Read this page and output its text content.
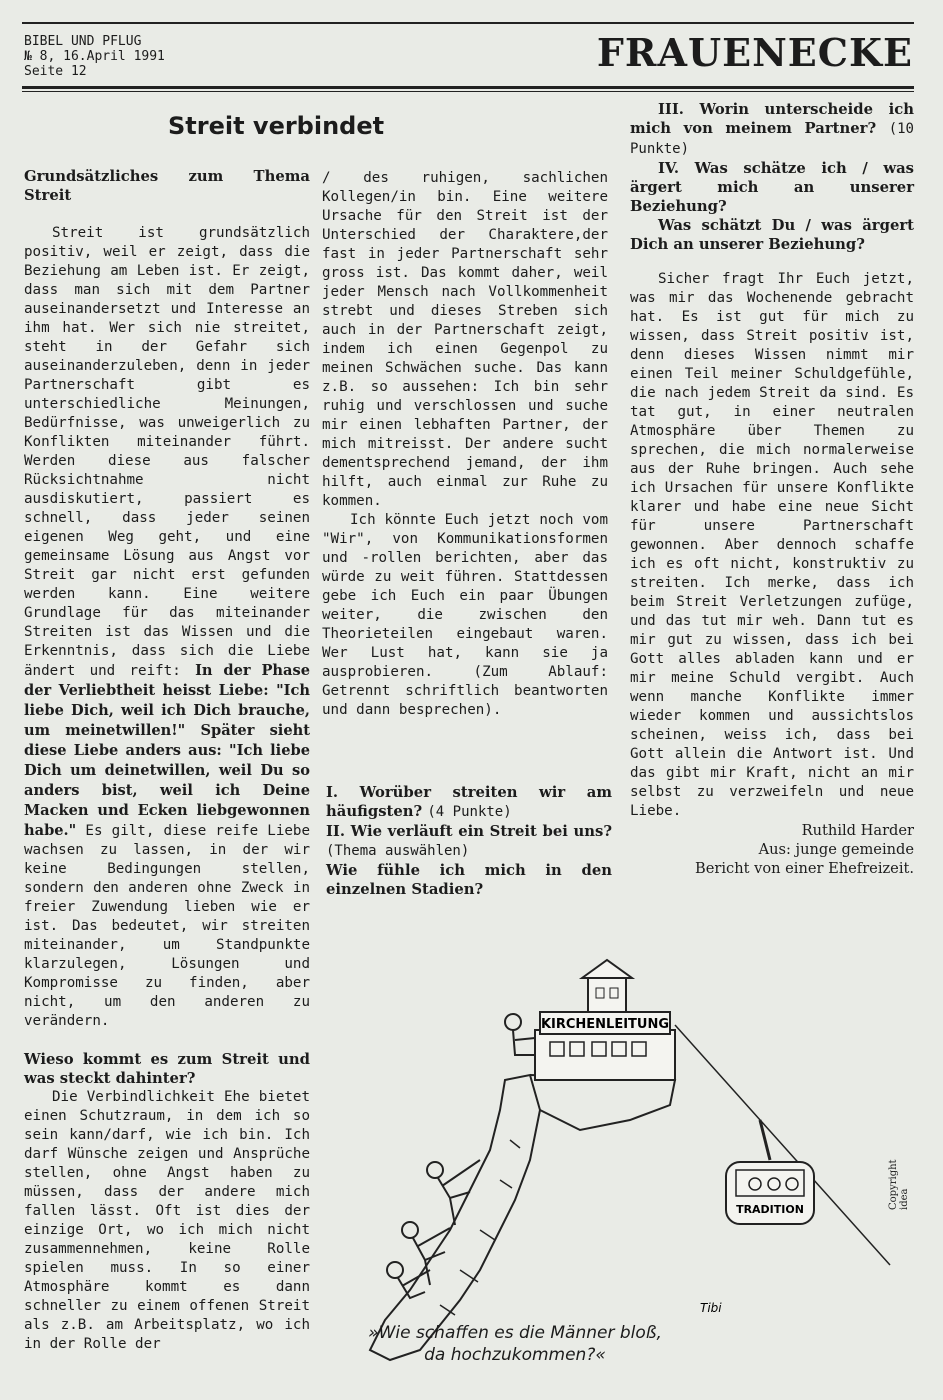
BIBEL UND PFLUG
№ 8, 16.April 1991
Seite 12	FRAUENECKE
Streit verbindet

Grundsätzliches zum Thema Streit

Streit ist grundsätzlich positiv, weil er zeigt, dass die Beziehung am Leben ist. Er zeigt, dass man sich mit dem Partner auseinandersetzt und Interesse an ihm hat. Wer sich nie streitet, steht in der Gefahr sich auseinanderzuleben, denn in jeder Partnerschaft gibt es unterschiedliche Meinungen, Bedürfnisse, was unweigerlich zu Konflikten miteinander führt. Werden diese aus falscher Rücksichtnahme nicht ausdiskutiert, passiert es schnell, dass jeder seinen eigenen Weg geht, und eine gemeinsame Lösung aus Angst vor Streit gar nicht erst gefunden werden kann. Eine weitere Grundlage für das miteinander Streiten ist das Wissen und die Erkenntnis, dass sich die Liebe ändert und reift: In der Phase der Verliebtheit heisst Liebe: "Ich liebe Dich, weil ich Dich brauche, um meinetwillen!" Später sieht diese Liebe anders aus: "Ich liebe Dich um deinetwillen, weil Du so anders bist, weil ich Deine Macken und Ecken liebgewonnen habe." Es gilt, diese reife Liebe wachsen zu lassen, in der wir keine Bedingungen stellen, sondern den anderen ohne Zweck in freier Zuwendung lieben wie er ist. Das bedeutet, wir streiten miteinander, um Standpunkte klarzulegen, Lösungen und Kompromisse zu finden, aber nicht, um den anderen zu verändern.

Wieso kommt es zum Streit und was steckt dahinter?

Die Verbindlichkeit Ehe bietet einen Schutzraum, in dem ich so sein kann/darf, wie ich bin. Ich darf Wünsche zeigen und Ansprüche stellen, ohne Angst haben zu müssen, dass der andere mich fallen lässt. Oft ist dies der einzige Ort, wo ich mich nicht zusammennehmen, keine Rolle spielen muss. In so einer Atmosphäre kommt es dann schneller zu einem offenen Streit als z.B. am Arbeitsplatz, wo ich in der Rolle der

/ des ruhigen, sachlichen Kollegen/in bin. Eine weitere Ursache für den Streit ist der Unterschied der Charaktere,der fast in jeder Partnerschaft sehr gross ist. Das kommt daher, weil jeder Mensch nach Vollkommenheit strebt und dieses Streben sich auch in der Partnerschaft zeigt, indem ich einen Gegenpol zu meinen Schwächen suche. Das kann z.B. so aussehen: Ich bin sehr ruhig und verschlossen und suche mir einen lebhaften Partner, der mich mitreisst. Der andere sucht dementsprechend jemand, der ihm hilft, auch einmal zur Ruhe zu kommen.

Ich könnte Euch jetzt noch vom "Wir", von Kommunikationsformen und -rollen berichten, aber das würde zu weit führen. Stattdessen gebe ich Euch ein paar Übungen weiter, die zwischen den Theorieteilen eingebaut waren. Wer Lust hat, kann sie ja ausprobieren. (Zum Ablauf: Getrennt schriftlich beantworten und dann besprechen).

I. Worüber streiten wir am häufigsten? (4 Punkte)

II. Wie verläuft ein Streit bei uns? (Thema auswählen)

Wie fühle ich mich in den einzelnen Stadien?

III. Worin unterscheide ich mich von meinem Partner? (10 Punkte)

IV. Was schätze ich / was ärgert mich an unserer Beziehung?

Was schätzt Du / was ärgert Dich an unserer Beziehung?

Sicher fragt Ihr Euch jetzt, was mir das Wochenende gebracht hat. Es ist gut für mich zu wissen, dass Streit positiv ist, denn dieses Wissen nimmt mir einen Teil meiner Schuldgefühle, die nach jedem Streit da sind. Es tat gut, in einer neutralen Atmosphäre über Themen zu sprechen, die mich normalerweise aus der Ruhe bringen. Auch sehe ich Ursachen für unsere Konflikte klarer und habe eine neue Sicht für unsere Partnerschaft gewonnen. Aber dennoch schaffe ich es oft nicht, konstruktiv zu streiten. Ich merke, dass ich beim Streit Verletzungen zufüge, und das tut mir weh. Dann tut es mir gut zu wissen, dass ich bei Gott alles abladen kann und er mir meine Schuld vergibt. Auch wenn manche Konflikte immer wieder kommen und aussichtslos scheinen, weiss ich, dass bei Gott allein die Antwort ist. Und das gibt mir Kraft, nicht an mir selbst zu verzweifeln und neue Liebe.

Ruthild Harder

Aus: junge gemeinde

Bericht von einer Ehefreizeit.

KIRCHENLEITUNG
TRADITION
Tibi
»Wie schaffen es die Männer bloß,
da hochzukommen?«
Copyright idea
